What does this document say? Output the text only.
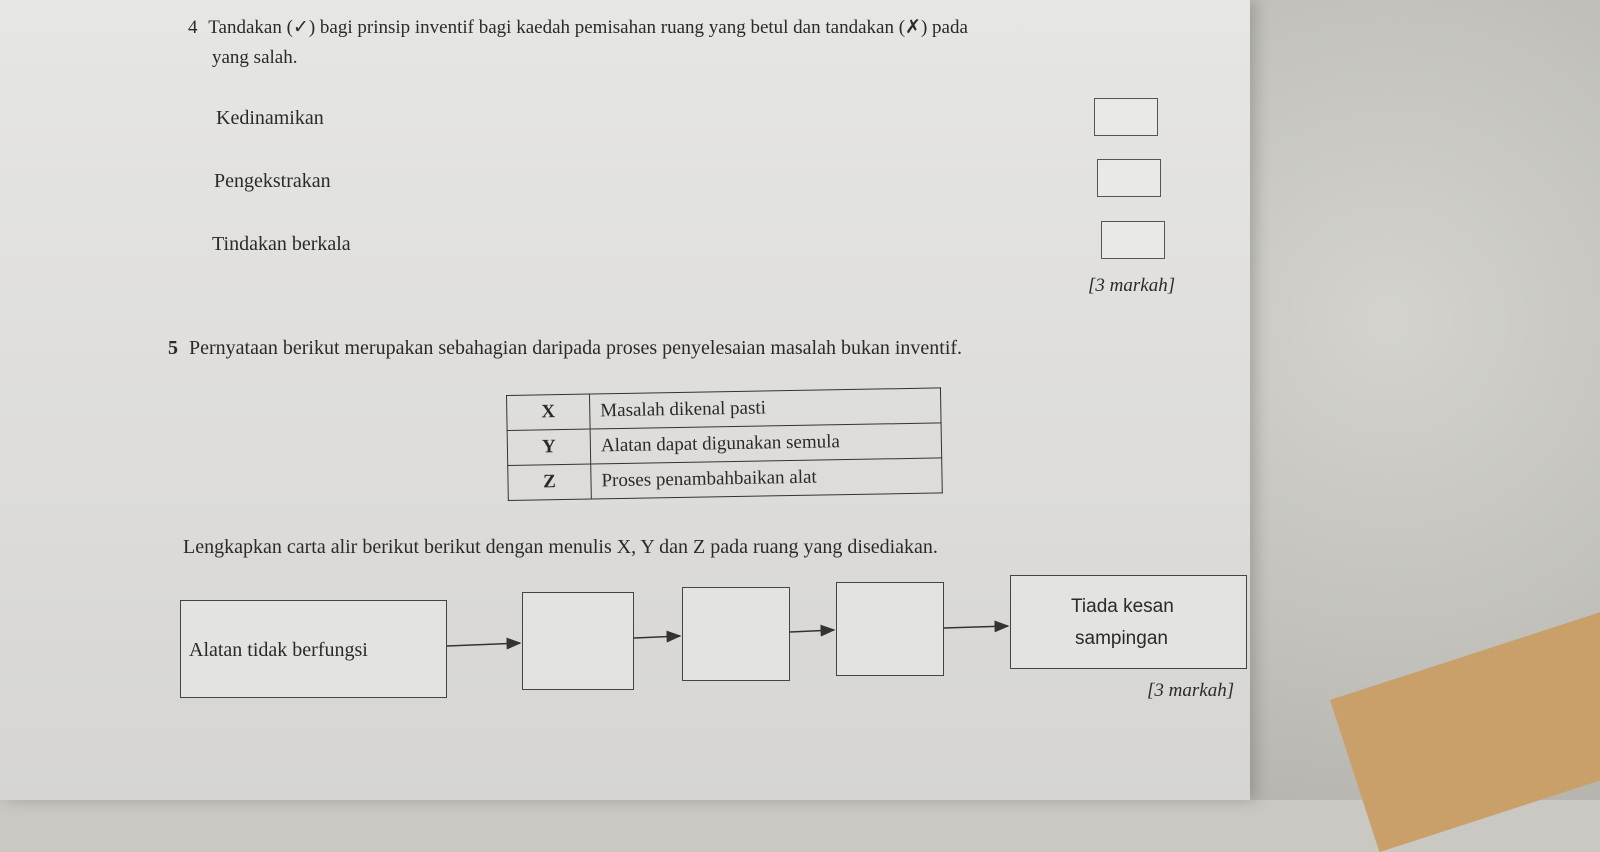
4 Tandakan (✓) bagi prinsip inventif bagi kaedah pemisahan ruang yang betul dan tandakan (✗) pada
yang salah.
Kedinamikan
Pengekstrakan
Tindakan berkala
[3 markah]
5 Pernyataan berikut merupakan sebahagian daripada proses penyelesaian masalah bukan inventif.
X	Masalah dikenal pasti
Y	Alatan dapat digunakan semula
Z	Proses penambahbaikan alat
Lengkapkan carta alir berikut berikut dengan menulis X, Y dan Z pada ruang yang disediakan.
Alatan tidak berfungsi
Tiada kesan
sampingan
[3 markah]
